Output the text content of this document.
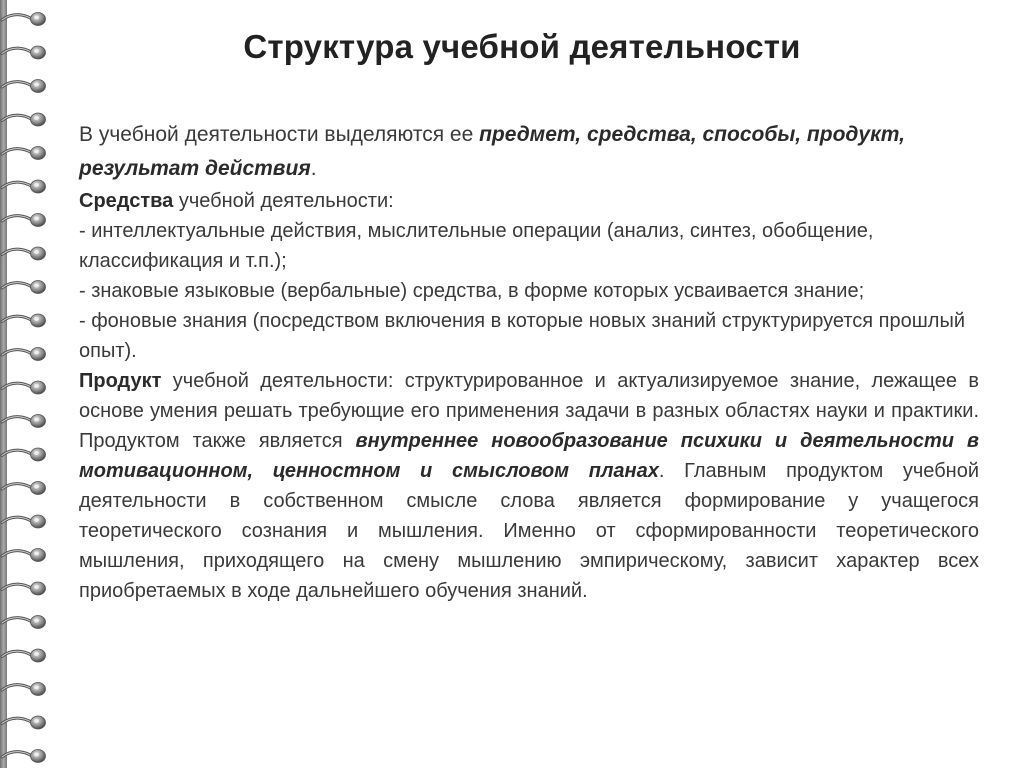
Структура учебной деятельности

В учебной деятельности выделяются ее предмет, средства, способы, продукт, результат действия.

Средства учебной деятельности:

- интеллектуальные действия, мыслительные операции (анализ, синтез, обобщение, классификация и т.п.);

- знаковые языковые (вербальные) средства, в форме которых усваивается знание;

- фоновые знания (посредством включения в которые новых знаний структурируется прошлый опыт).

Продукт учебной деятельности: структурированное и актуализируемое знание, лежащее в основе умения решать требующие его применения задачи в разных областях науки и практики. Продуктом также является внутреннее новообразование психики и деятельности в мотивационном, ценностном и смысловом планах. Главным продуктом учебной деятельности в собственном смысле слова является формирование у учащегося теоретического сознания и мышления. Именно от сформированности теоретического мышления, приходящего на смену мышлению эмпирическому, зависит характер всех приобретаемых в ходе дальнейшего обучения знаний.
